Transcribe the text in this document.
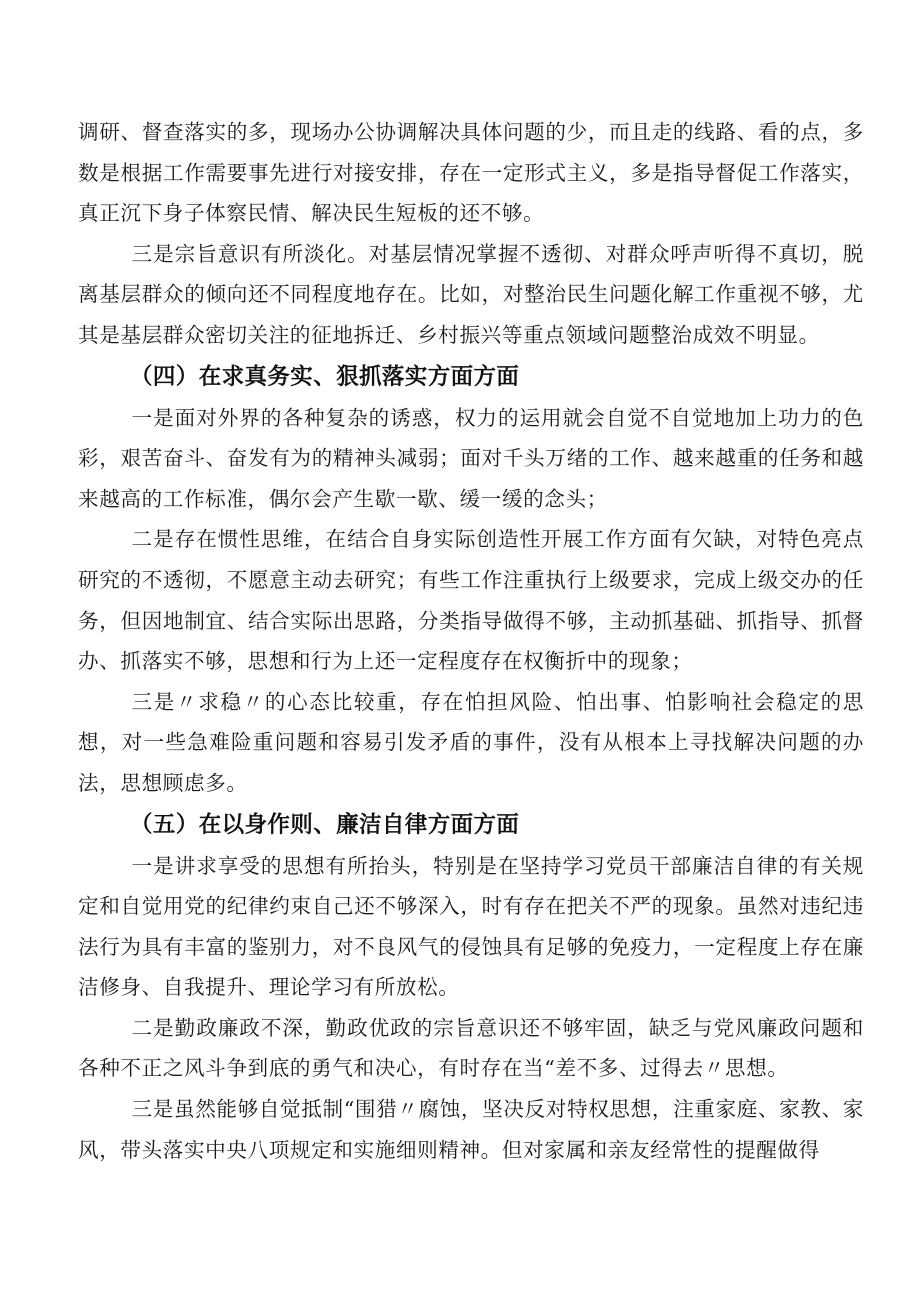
调研、督查落实的多，现场办公协调解决具体问题的少，而且走的线路、看的点，多数是根据工作需要事先进行对接安排，存在一定形式主义，多是指导督促工作落实，真正沉下身子体察民情、解决民生短板的还不够。

三是宗旨意识有所淡化。对基层情况掌握不透彻、对群众呼声听得不真切，脱离基层群众的倾向还不同程度地存在。比如，对整治民生问题化解工作重视不够，尤其是基层群众密切关注的征地拆迁、乡村振兴等重点领域问题整治成效不明显。

（四）在求真务实、狠抓落实方面方面

一是面对外界的各种复杂的诱惑，权力的运用就会自觉不自觉地加上功力的色彩，艰苦奋斗、奋发有为的精神头减弱；面对千头万绪的工作、越来越重的任务和越来越高的工作标准，偶尔会产生歇一歇、缓一缓的念头；

二是存在惯性思维，在结合自身实际创造性开展工作方面有欠缺，对特色亮点研究的不透彻，不愿意主动去研究；有些工作注重执行上级要求，完成上级交办的任务，但因地制宜、结合实际出思路，分类指导做得不够，主动抓基础、抓指导、抓督办、抓落实不够，思想和行为上还一定程度存在权衡折中的现象；

三是〃求稳〃的心态比较重，存在怕担风险、怕出事、怕影响社会稳定的思想，对一些急难险重问题和容易引发矛盾的事件，没有从根本上寻找解决问题的办法，思想顾虑多。

（五）在以身作则、廉洁自律方面方面

一是讲求享受的思想有所抬头，特别是在坚持学习党员干部廉洁自律的有关规定和自觉用党的纪律约束自己还不够深入，时有存在把关不严的现象。虽然对违纪违法行为具有丰富的鉴别力，对不良风气的侵蚀具有足够的免疫力，一定程度上存在廉洁修身、自我提升、理论学习有所放松。

二是勤政廉政不深，勤政优政的宗旨意识还不够牢固，缺乏与党风廉政问题和各种不正之风斗争到底的勇气和决心，有时存在当“差不多、过得去〃思想。

三是虽然能够自觉抵制“围猎〃腐蚀，坚决反对特权思想，注重家庭、家教、家风，带头落实中央八项规定和实施细则精神。但对家属和亲友经常性的提醒做得
